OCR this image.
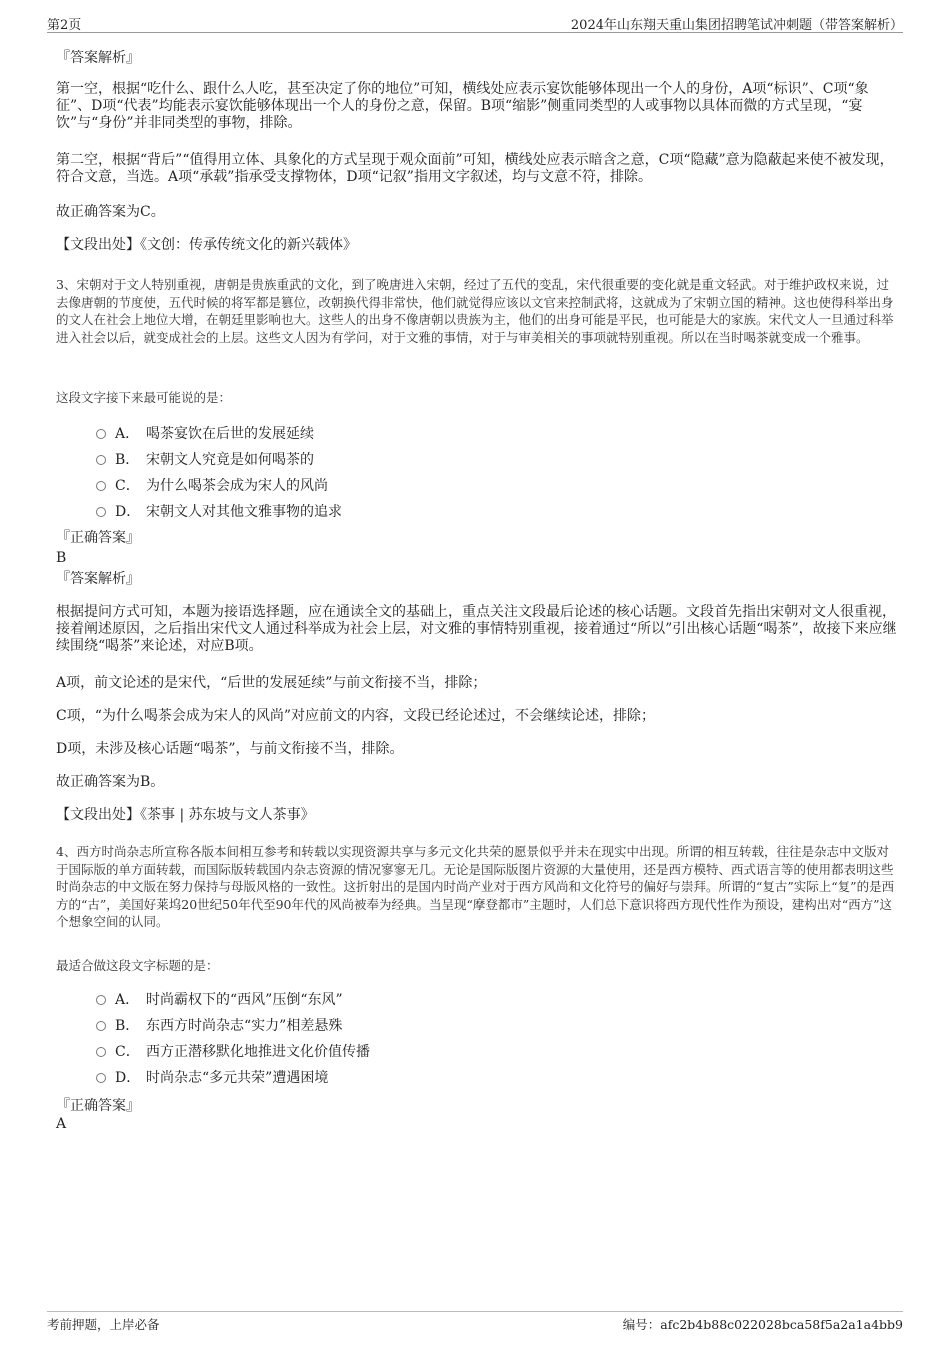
第2页	2024年山东翔天重山集团招聘笔试冲刺题（带答案解析）
『答案解析』
第一空，根据“吃什么、跟什么人吃，甚至决定了你的地位”可知，横线处应表示宴饮能够体现出一个人的身份，A项“标识”、C项“象征”、D项“代表”均能表示宴饮能够体现出一个人的身份之意，保留。B项“缩影”侧重同类型的人或事物以具体而微的方式呈现，“宴饮”与“身份”并非同类型的事物，排除。
第二空，根据“背后”“值得用立体、具象化的方式呈现于观众面前”可知，横线处应表示暗含之意，C项“隐藏”意为隐蔽起来使不被发现，符合文意，当选。A项“承载”指承受支撑物体，D项“记叙”指用文字叙述，均与文意不符，排除。
故正确答案为C。
【文段出处】《文创：传承传统文化的新兴载体》
3、宋朝对于文人特别重视，唐朝是贵族重武的文化，到了晚唐进入宋朝，经过了五代的变乱，宋代很重要的变化就是重文轻武。对于维护政权来说，过去像唐朝的节度使，五代时候的将军都是篡位，改朝换代得非常快，他们就觉得应该以文官来控制武将，这就成为了宋朝立国的精神。这也使得科举出身的文人在社会上地位大增，在朝廷里影响也大。这些人的出身不像唐朝以贵族为主，他们的出身可能是平民，也可能是大的家族。宋代文人一旦通过科举进入社会以后，就变成社会的上层。这些文人因为有学问，对于文雅的事情，对于与审美相关的事项就特别重视。所以在当时喝茶就变成一个雅事。
这段文字接下来最可能说的是：
A． 喝茶宴饮在后世的发展延续
B． 宋朝文人究竟是如何喝茶的
C． 为什么喝茶会成为宋人的风尚
D． 宋朝文人对其他文雅事物的追求
『正确答案』
B
『答案解析』
根据提问方式可知，本题为接语选择题，应在通读全文的基础上，重点关注文段最后论述的核心话题。文段首先指出宋朝对文人很重视，接着阐述原因，之后指出宋代文人通过科举成为社会上层，对文雅的事情特别重视，接着通过“所以”引出核心话题“喝茶”，故接下来应继续围绕“喝茶”来论述，对应B项。
A项，前文论述的是宋代，“后世的发展延续”与前文衔接不当，排除；
C项，“为什么喝茶会成为宋人的风尚”对应前文的内容，文段已经论述过，不会继续论述，排除；
D项，未涉及核心话题“喝茶”，与前文衔接不当，排除。
故正确答案为B。
【文段出处】《茶事 | 苏东坡与文人茶事》
4、西方时尚杂志所宣称各版本间相互参考和转载以实现资源共享与多元文化共荣的愿景似乎并未在现实中出现。所谓的相互转载，往往是杂志中文版对于国际版的单方面转载，而国际版转载国内杂志资源的情况寥寥无几。无论是国际版图片资源的大量使用，还是西方模特、西式语言等的使用都表明这些时尚杂志的中文版在努力保持与母版风格的一致性。这折射出的是国内时尚产业对于西方风尚和文化符号的偏好与崇拜。所谓的“复古”实际上“复”的是西方的“古”，美国好莱坞20世纪50年代至90年代的风尚被奉为经典。当呈现“摩登都市”主题时，人们总下意识将西方现代性作为预设，建构出对“西方”这个想象空间的认同。
最适合做这段文字标题的是：
A． 时尚霸权下的“西风”压倒“东风”
B． 东西方时尚杂志“实力”相差悬殊
C． 西方正潜移默化地推进文化价值传播
D． 时尚杂志“多元共荣”遭遇困境
『正确答案』
A
考前押题，上岸必备	编号：afc2b4b88c022028bca58f5a2a1a4bb9
